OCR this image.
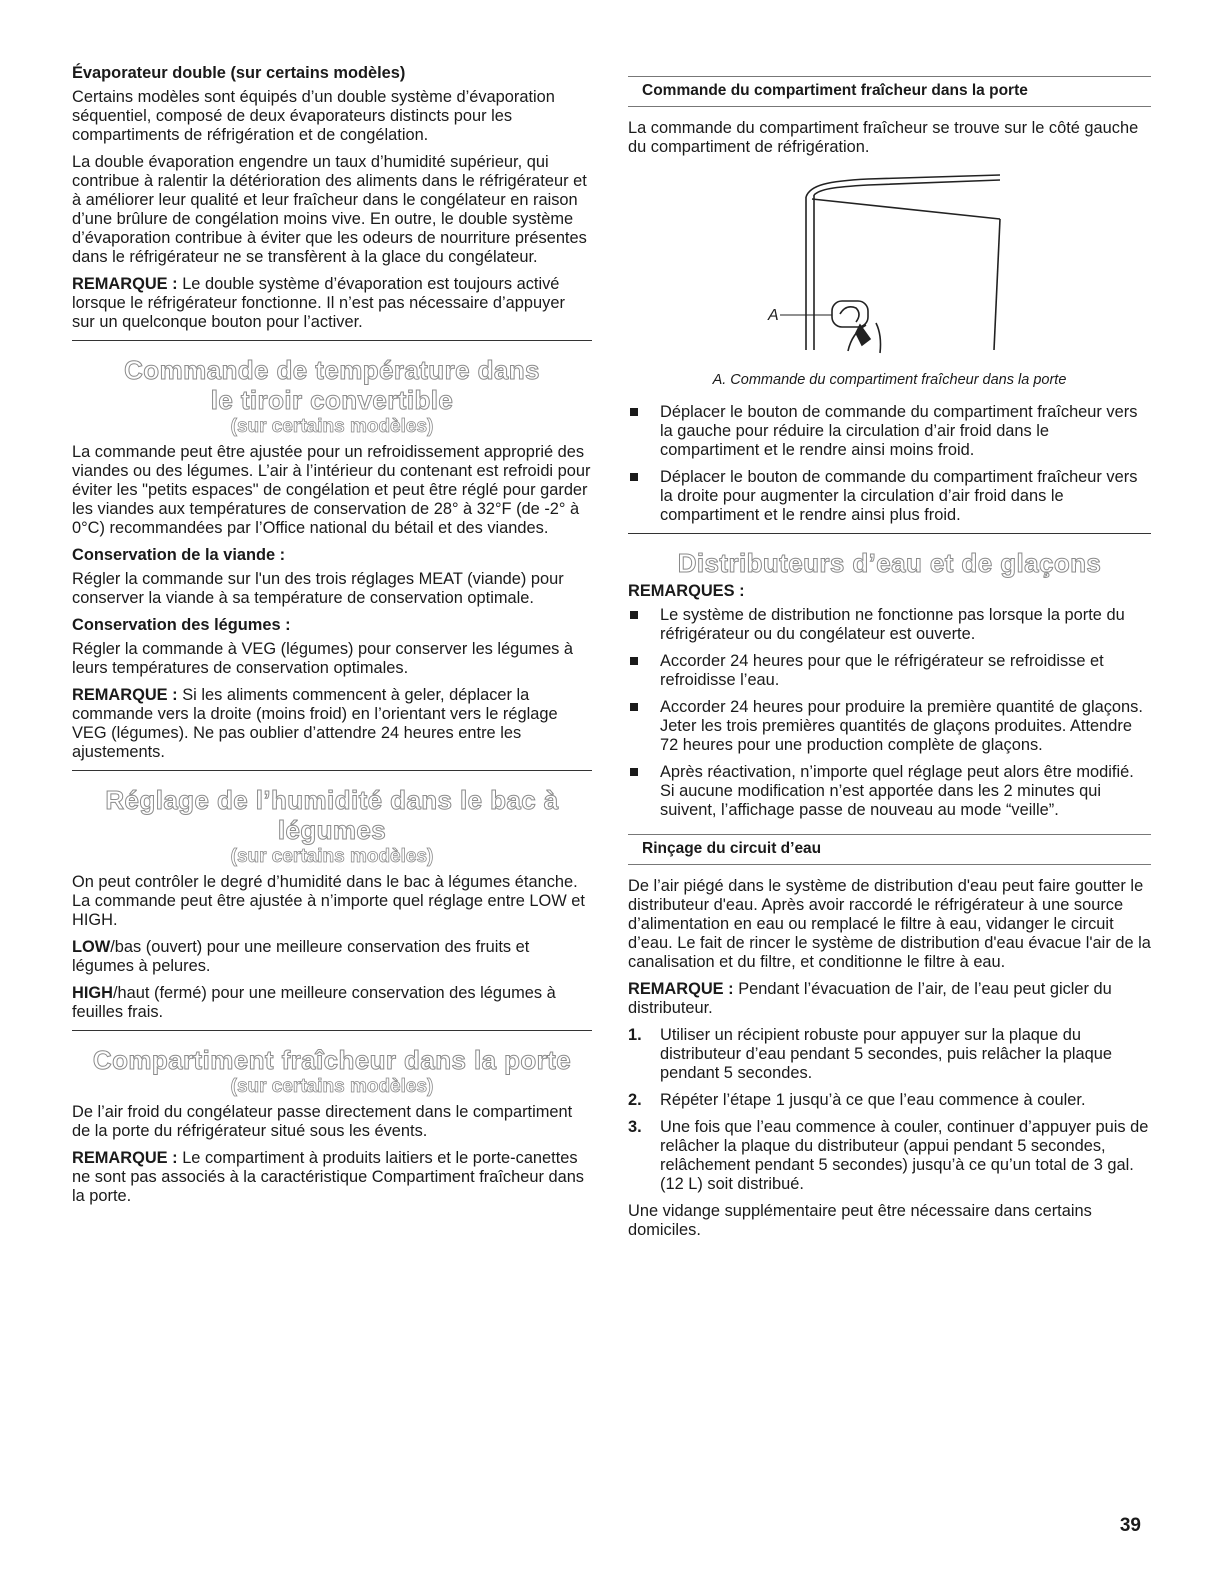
Évaporateur double (sur certains modèles)

Certains modèles sont équipés d’un double système d’évaporation séquentiel, composé de deux évaporateurs distincts pour les compartiments de réfrigération et de congélation.

La double évaporation engendre un taux d’humidité supérieur, qui contribue à ralentir la détérioration des aliments dans le réfrigérateur et à améliorer leur qualité et leur fraîcheur dans le congélateur en raison d’une brûlure de congélation moins vive. En outre, le double système d’évaporation contribue à éviter que les odeurs de nourriture présentes dans le réfrigérateur ne se transfèrent à la glace du congélateur.

REMARQUE : Le double système d’évaporation est toujours activé lorsque le réfrigérateur fonctionne. Il n’est pas nécessaire d’appuyer sur un quelconque bouton pour l’activer.

Commande de température dans
le tiroir convertible
(sur certains modèles)

La commande peut être ajustée pour un refroidissement approprié des viandes ou des légumes. L’air à l’intérieur du contenant est refroidi pour éviter les "petits espaces" de congélation et peut être réglé pour garder les viandes aux températures de conservation de 28° à 32°F (de -2° à 0°C) recommandées par l’Office national du bétail et des viandes.

Conservation de la viande :

Régler la commande sur l'un des trois réglages MEAT (viande) pour conserver la viande à sa température de conservation optimale.

Conservation des légumes :

Régler la commande à VEG (légumes) pour conserver les légumes à leurs températures de conservation optimales.

REMARQUE : Si les aliments commencent à geler, déplacer la commande vers la droite (moins froid) en l’orientant vers le réglage VEG (légumes). Ne pas oublier d’attendre 24 heures entre les ajustements.

Réglage de l’humidité dans le bac à
légumes
(sur certains modèles)

On peut contrôler le degré d’humidité dans le bac à légumes étanche. La commande peut être ajustée à n’importe quel réglage entre LOW et HIGH.

LOW/bas (ouvert) pour une meilleure conservation des fruits et légumes à pelures.

HIGH/haut (fermé) pour une meilleure conservation des légumes à feuilles frais.

Compartiment fraîcheur dans la porte
(sur certains modèles)

De l’air froid du congélateur passe directement dans le compartiment de la porte du réfrigérateur situé sous les évents.

REMARQUE : Le compartiment à produits laitiers et le porte-canettes ne sont pas associés à la caractéristique Compartiment fraîcheur dans la porte.

Commande du compartiment fraîcheur dans la porte

La commande du compartiment fraîcheur se trouve sur le côté gauche du compartiment de réfrigération.

A
A. Commande du compartiment fraîcheur dans la porte
Déplacer le bouton de commande du compartiment fraîcheur vers la gauche pour réduire la circulation d’air froid dans le compartiment et le rendre ainsi moins froid.
Déplacer le bouton de commande du compartiment fraîcheur vers la droite pour augmenter la circulation d’air froid dans le compartiment et le rendre ainsi plus froid.
Distributeurs d’eau et de glaçons
REMARQUES :
Le système de distribution ne fonctionne pas lorsque la porte du réfrigérateur ou du congélateur est ouverte.
Accorder 24 heures pour que le réfrigérateur se refroidisse et refroidisse l’eau.
Accorder 24 heures pour produire la première quantité de glaçons. Jeter les trois premières quantités de glaçons produites. Attendre 72 heures pour une production complète de glaçons.
Après réactivation, n’importe quel réglage peut alors être modifié. Si aucune modification n’est apportée dans les 2 minutes qui suivent, l’affichage passe de nouveau au mode “veille”.
Rinçage du circuit d’eau

De l’air piégé dans le système de distribution d'eau peut faire goutter le distributeur d'eau. Après avoir raccordé le réfrigérateur à une source d’alimentation en eau ou remplacé le filtre à eau, vidanger le circuit d’eau. Le fait de rincer le système de distribution d'eau évacue l'air de la canalisation et du filtre, et conditionne le filtre à eau.

REMARQUE : Pendant l’évacuation de l’air, de l’eau peut gicler du distributeur.

1. Utiliser un récipient robuste pour appuyer sur la plaque du distributeur d’eau pendant 5 secondes, puis relâcher la plaque pendant 5 secondes.
2. Répéter l’étape 1 jusqu’à ce que l’eau commence à couler.
3. Une fois que l’eau commence à couler, continuer d’appuyer puis de relâcher la plaque du distributeur (appui pendant 5 secondes, relâchement pendant 5 secondes) jusqu’à ce qu’un total de 3 gal. (12 L) soit distribué.

Une vidange supplémentaire peut être nécessaire dans certains domiciles.

39
